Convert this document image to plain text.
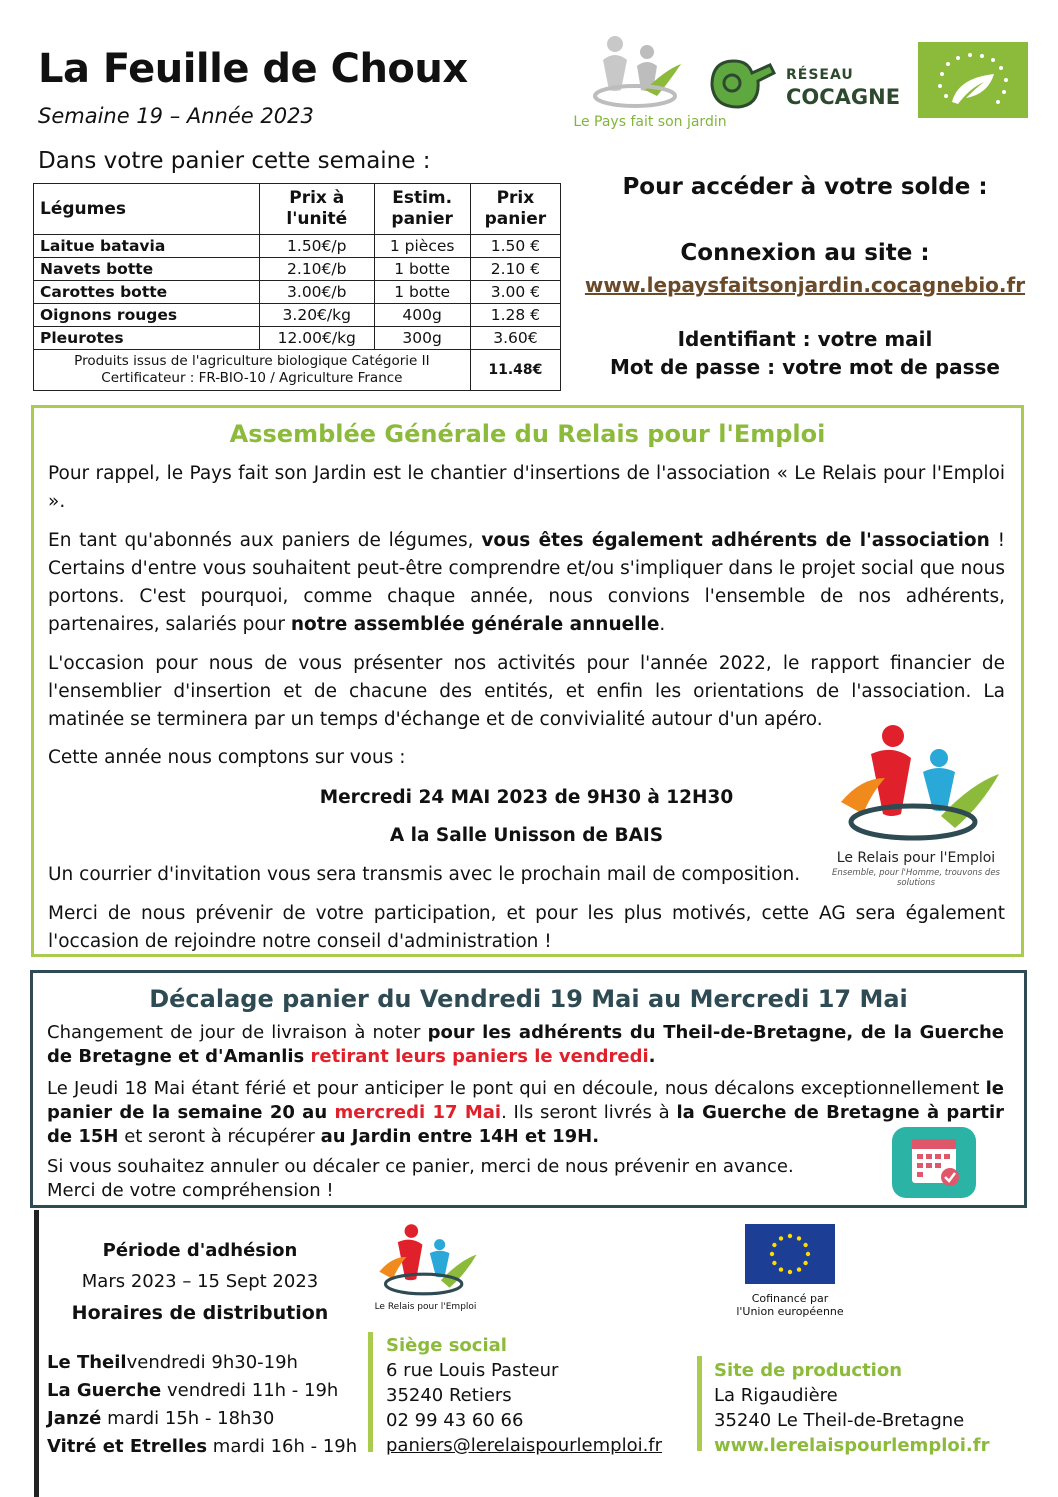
La Feuille de Choux
Semaine 19 – Année 2023
Dans votre panier cette semaine :
Le Pays fait son jardin
RÉSEAU
COCAGNE
Légumes	Prix à l'unité	Estim. panier	Prix panier
Laitue batavia	1.50€/p	1 pièces	1.50 €
Navets botte	2.10€/b	1 botte	2.10 €
Carottes botte	3.00€/b	1 botte	3.00 €
Oignons rouges	3.20€/kg	400g	1.28 €
Pleurotes	12.00€/kg	300g	3.60€
Produits issus de l'agriculture biologique Catégorie II
Certificateur : FR-BIO-10 / Agriculture France			11.48€
Pour accéder à votre solde :
Connexion au site :
www.lepaysfaitsonjardin.cocagnebio.fr
Identifiant : votre mail
Mot de passe : votre mot de passe
Assemblée Générale du Relais pour l'Emploi

Pour rappel, le Pays fait son Jardin est le chantier d'insertions de l'association « Le Relais pour l'Emploi ».

En tant qu'abonnés aux paniers de légumes, vous êtes également adhérents de l'association ! Certains d'entre vous souhaitent peut-être comprendre et/ou s'impliquer dans le projet social que nous portons. C'est pourquoi, comme chaque année, nous convions l'ensemble de nos adhérents, partenaires, salariés pour notre assemblée générale annuelle.

L'occasion pour nous de vous présenter nos activités pour l'année 2022, le rapport financier de l'ensemblier d'insertion et de chacune des entités, et enfin les orientations de l'association. La matinée se terminera par un temps d'échange et de convivialité autour d'un apéro.

Cette année nous comptons sur vous :

Mercredi 24 MAI 2023 de 9H30 à 12H30

A la Salle Unisson de BAIS

Un courrier d'invitation vous sera transmis avec le prochain mail de composition.

Merci de nous prévenir de votre participation, et pour les plus motivés, cette AG sera également l'occasion de rejoindre notre conseil d'administration !

Le Relais pour l'Emploi
Ensemble, pour l'Homme, trouvons des solutions
Décalage panier du Vendredi 19 Mai au Mercredi 17 Mai

Changement de jour de livraison à noter pour les adhérents du Theil-de-Bretagne, de la Guerche de Bretagne et d'Amanlis retirant leurs paniers le vendredi.

Le Jeudi 18 Mai étant férié et pour anticiper le pont qui en découle, nous décalons exceptionnellement le panier de la semaine 20 au mercredi 17 Mai. Ils seront livrés à la Guerche de Bretagne à partir de 15H et seront à récupérer au Jardin entre 14H et 19H.

Si vous souhaitez annuler ou décaler ce panier, merci de nous prévenir en avance.

Merci de votre compréhension !

Période d'adhésion
Mars 2023 – 15 Sept 2023
Horaires de distribution
Le Theilvendredi 9h30-19h
La Guerche vendredi 11h - 19h
Janzé mardi 15h - 18h30
Vitré et Etrelles mardi 16h - 19h
Le Relais pour l'Emploi
Siège social
6 rue Louis Pasteur
35240 Retiers
02 99 43 60 66
paniers@lerelaispourlemploi.fr
Cofinancé par
l'Union européenne
Site de production
La Rigaudière
35240 Le Theil-de-Bretagne
www.lerelaispourlemploi.fr
